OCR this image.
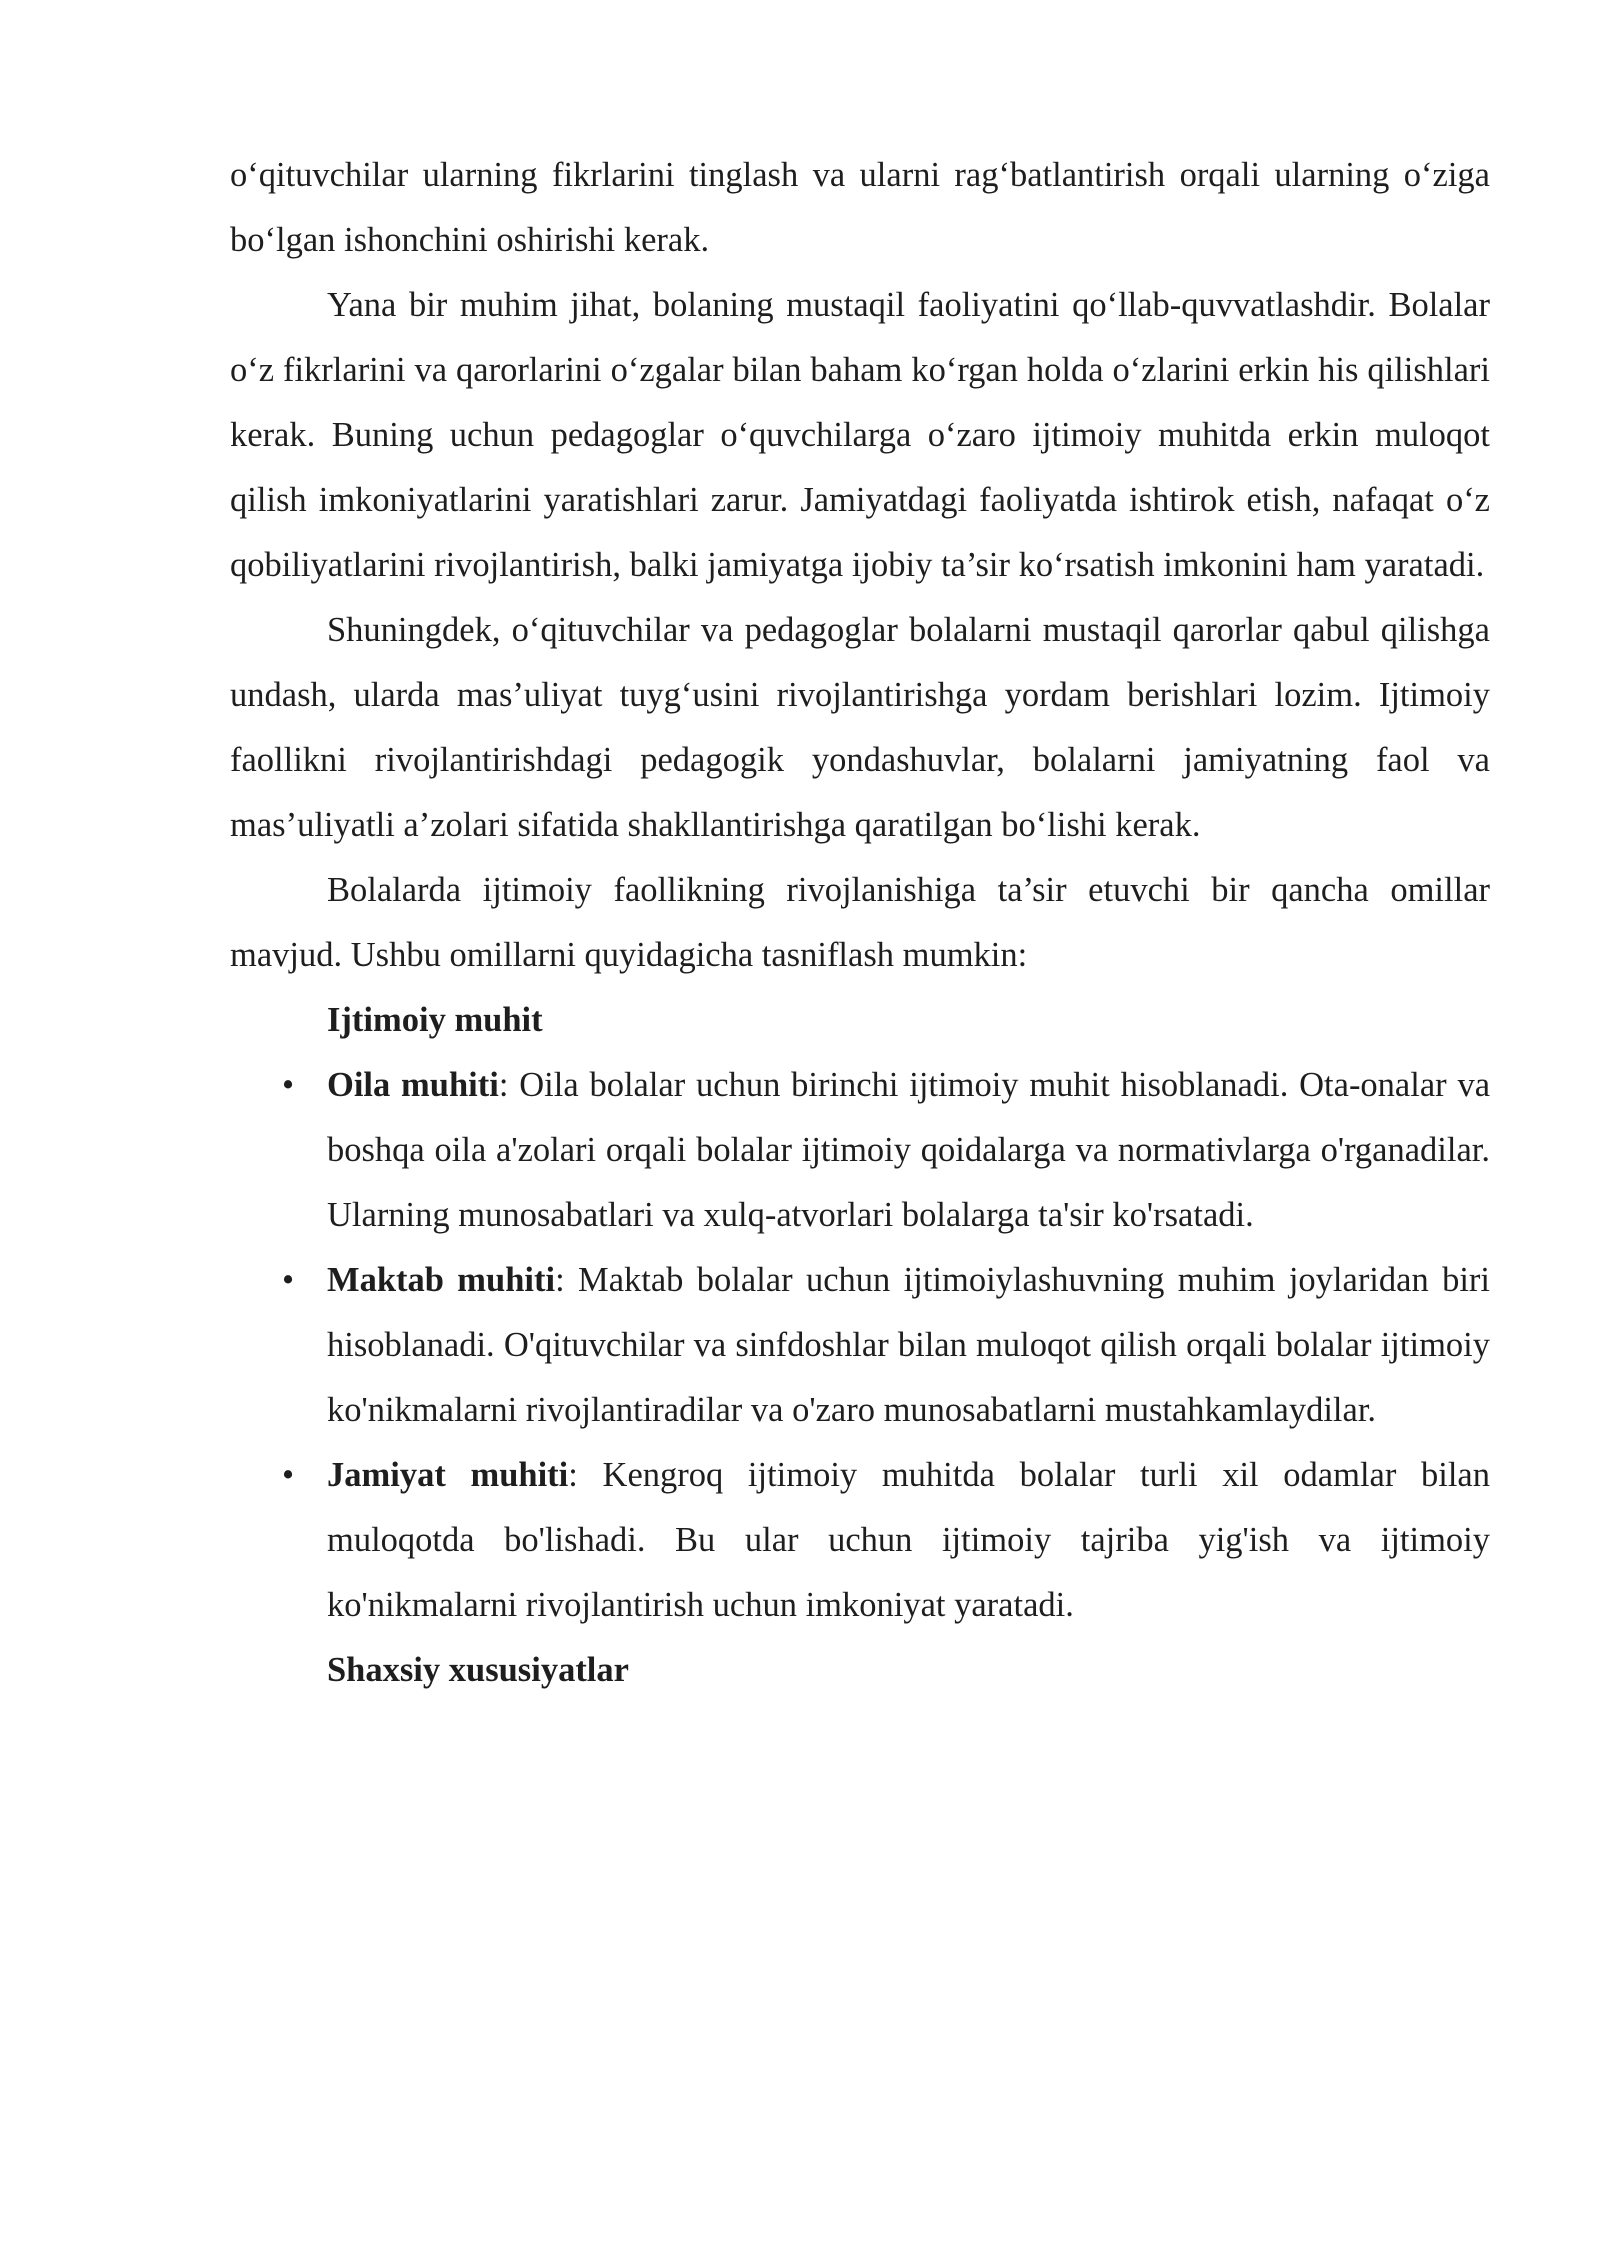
o‘qituvchilar ularning fikrlarini tinglash va ularni rag‘batlantirish orqali ularning o‘ziga bo‘lgan ishonchini oshirishi kerak.

Yana bir muhim jihat, bolaning mustaqil faoliyatini qo‘llab-quvvatlashdir. Bolalar o‘z fikrlarini va qarorlarini o‘zgalar bilan baham ko‘rgan holda o‘zlarini erkin his qilishlari kerak. Buning uchun pedagoglar o‘quvchilarga o‘zaro ijtimoiy muhitda erkin muloqot qilish imkoniyatlarini yaratishlari zarur. Jamiyatdagi faoliyatda ishtirok etish, nafaqat o‘z qobiliyatlarini rivojlantirish, balki jamiyatga ijobiy ta’sir ko‘rsatish imkonini ham yaratadi.

Shuningdek, o‘qituvchilar va pedagoglar bolalarni mustaqil qarorlar qabul qilishga undash, ularda mas’uliyat tuyg‘usini rivojlantirishga yordam berishlari lozim. Ijtimoiy faollikni rivojlantirishdagi pedagogik yondashuvlar, bolalarni jamiyatning faol va mas’uliyatli a’zolari sifatida shakllantirishga qaratilgan bo‘lishi kerak.

Bolalarda ijtimoiy faollikning rivojlanishiga ta’sir etuvchi bir qancha omillar mavjud. Ushbu omillarni quyidagicha tasniflash mumkin:

Ijtimoiy muhit
• Oila muhiti: Oila bolalar uchun birinchi ijtimoiy muhit hisoblanadi. Ota-onalar va boshqa oila a'zolari orqali bolalar ijtimoiy qoidalarga va normativlarga o'rganadilar. Ularning munosabatlari va xulq-atvorlari bolalarga ta'sir ko'rsatadi.
• Maktab muhiti: Maktab bolalar uchun ijtimoiylashuvning muhim joylaridan biri hisoblanadi. O'qituvchilar va sinfdoshlar bilan muloqot qilish orqali bolalar ijtimoiy ko'nikmalarni rivojlantiradilar va o'zaro munosabatlarni mustahkamlaydilar.
• Jamiyat muhiti: Kengroq ijtimoiy muhitda bolalar turli xil odamlar bilan muloqotda bo'lishadi. Bu ular uchun ijtimoiy tajriba yig'ish va ijtimoiy ko'nikmalarni rivojlantirish uchun imkoniyat yaratadi.
Shaxsiy xususiyatlar
